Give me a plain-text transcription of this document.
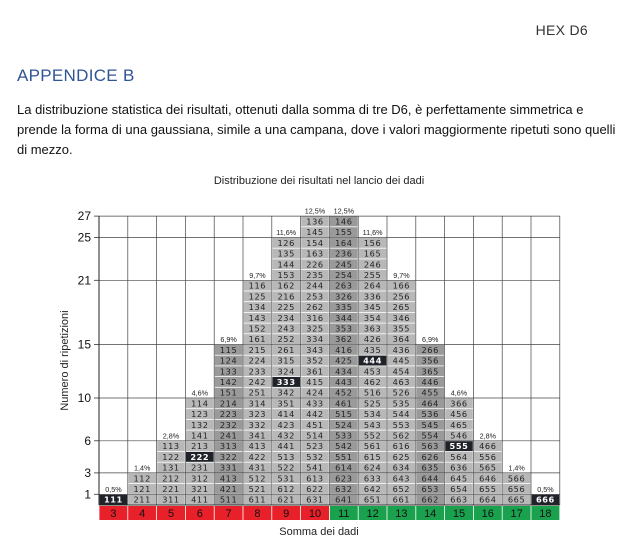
HEX D6
APPENDICE B
La distribuzione statistica dei risultati, ottenuti dalla somma di tre D6, è perfettamente simmetrica e prende la forma di una gaussiana, simile a una campana, dove i valori maggiormente ripetuti sono quelli di mezzo.
Distribuzione dei risultati nel lancio dei dadi
Somma dei dadi
1
3
6
10
15
21
25
27
111
0,5%
3
211
121
112
1,4%
4
311
221
212
131
122
113
2,8%
5
411
321
312
231
222
213
141
132
123
114
4,6%
6
511
421
413
331
322
313
241
232
223
214
151
142
133
124
115
6,9%
7
611
521
512
431
422
413
341
332
323
314
251
242
233
224
215
161
152
143
134
125
116
9,7%
8
621
612
531
522
513
441
432
423
414
351
342
333
324
315
261
252
243
234
225
216
162
153
144
135
126
11,6%
9
631
622
613
541
532
523
514
451
442
433
424
415
361
352
343
334
325
316
262
253
244
235
226
163
154
145
136
12,5%
10
641
632
623
614
551
542
533
524
515
461
452
443
434
425
416
362
353
344
335
326
263
254
245
236
164
155
146
12,5%
11
651
642
633
624
615
561
552
543
534
525
516
462
453
444
435
426
363
354
345
336
264
255
246
165
156
11,6%
12
661
652
643
634
625
616
562
553
544
535
526
463
454
445
436
364
355
346
265
256
166
9,7%
13
662
653
644
635
626
563
554
545
536
464
455
446
365
356
266
6,9%
14
663
654
645
636
564
555
546
465
456
366
4,6%
15
664
655
646
565
556
466
2,8%
16
665
656
566
1,4%
17
666
0,5%
18
Numero di ripetizioni
